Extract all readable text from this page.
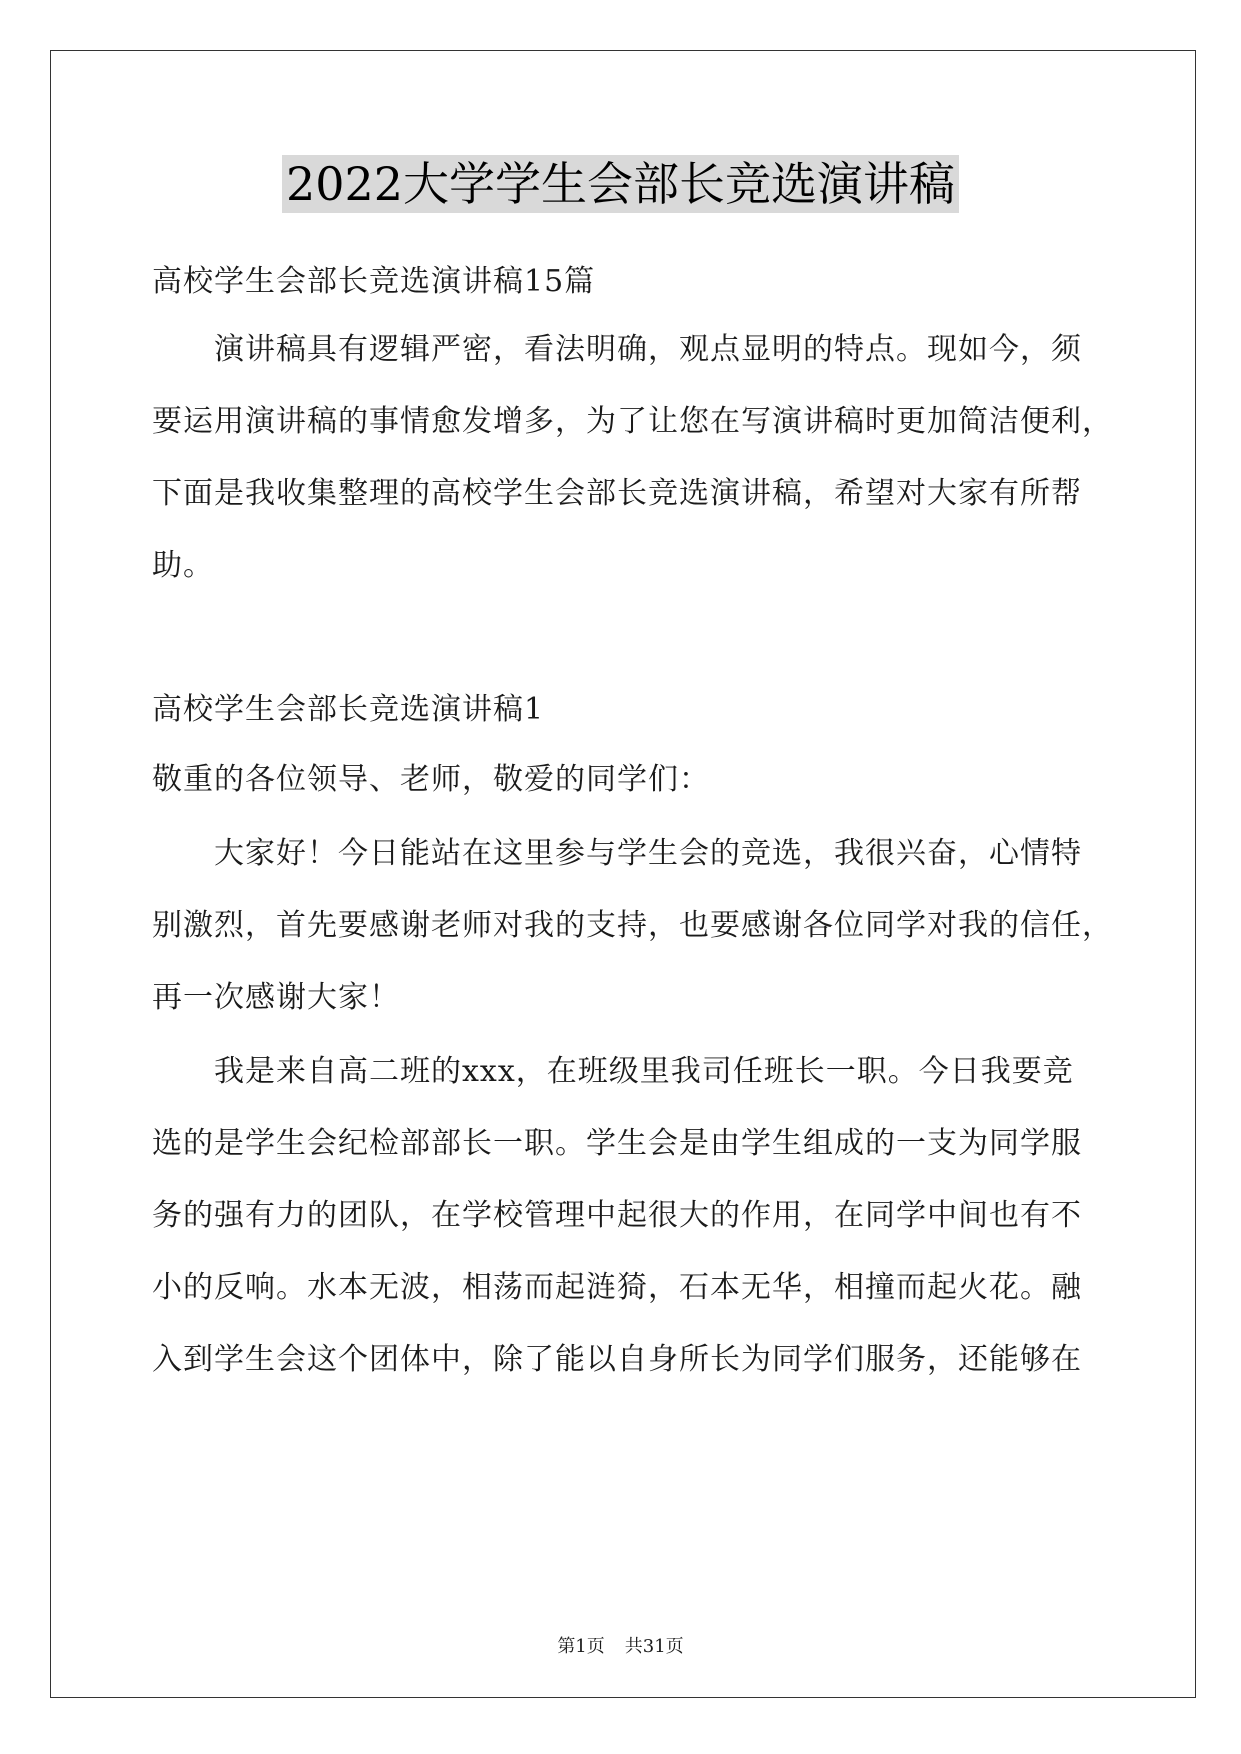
2022大学学生会部长竞选演讲稿
高校学生会部长竞选演讲稿15篇
　　演讲稿具有逻辑严密，看法明确，观点显明的特点。现如今，须
要运用演讲稿的事情愈发增多，为了让您在写演讲稿时更加简洁便利，
下面是我收集整理的高校学生会部长竞选演讲稿，希望对大家有所帮
助。
高校学生会部长竞选演讲稿1
敬重的各位领导、老师，敬爱的同学们：
　　大家好！今日能站在这里参与学生会的竞选，我很兴奋，心情特
别激烈，首先要感谢老师对我的支持，也要感谢各位同学对我的信任，
再一次感谢大家！
　　我是来自高二班的xxx，在班级里我司任班长一职。今日我要竞
选的是学生会纪检部部长一职。学生会是由学生组成的一支为同学服
务的强有力的团队，在学校管理中起很大的作用，在同学中间也有不
小的反响。水本无波，相荡而起涟猗，石本无华，相撞而起火花。融
入到学生会这个团体中，除了能以自身所长为同学们服务，还能够在
第1页 共31页
